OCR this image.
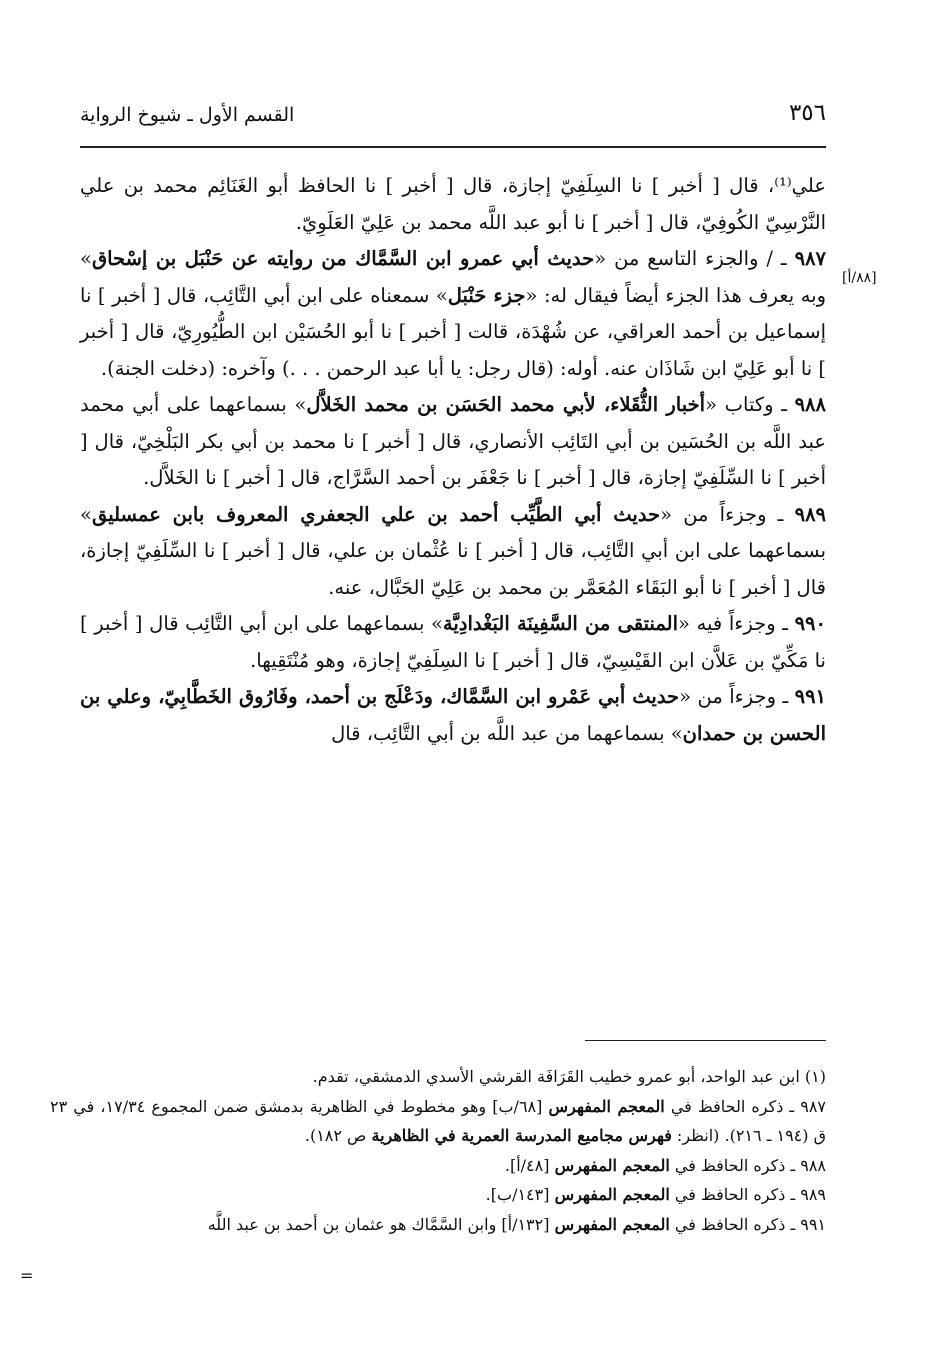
٣٥٦
القسم الأول ـ شيوخ الرواية
[٨٨/أ]

علي⁽¹⁾، قال [ أخبر ] نا السِلَفِيّ إجازة، قال [ أخبر ] نا الحافظ أبو الغَنَائِم محمد بن علي النَّرْسِيّ الكُوفِيّ، قال [ أخبر ] نا أبو عبد اللَّه محمد بن عَلِيّ العَلَوِيّ.

٩٨٧ ـ / والجزء التاسع من «حديث أبي عمرو ابن السَّمَّاك من روايته عن حَنْبَل بن إسْحاق» وبه يعرف هذا الجزء أيضاً فيقال له: «جزء حَنْبَل» سمعناه على ابن أبي التَّائِب، قال [ أخبر ] نا إسماعيل بن أحمد العراقي، عن شُهْدَة، قالت [ أخبر ] نا أبو الحُسَيْن ابن الطُّيُورِيّ، قال [ أخبر ] نا أبو عَلِيّ ابن شَاذَان عنه. أوله: (قال رجل: يا أبا عبد الرحمن . . .) وآخره: (دخلت الجنة).

٩٨٨ ـ وكتاب «أخبار الثُّقَلاء، لأبي محمد الحَسَن بن محمد الخَلاَّل» بسماعهما على أبي محمد عبد اللَّه بن الحُسَين بن أبي التَائِب الأنصاري، قال [ أخبر ] نا محمد بن أبي بكر البَلْخِيّ، قال [ أخبر ] نا السِّلَفِيّ إجازة، قال [ أخبر ] نا جَعْفَر بن أحمد السَّرَّاج، قال [ أخبر ] نا الخَلاَّل.

٩٨٩ ـ وجزءاً من «حديث أبي الطَّيِّب أحمد بن علي الجعفري المعروف بابن عمسليق» بسماعهما على ابن أبي التَّائِب، قال [ أخبر ] نا عُثْمان بن علي، قال [ أخبر ] نا السِّلَفِيّ إجازة، قال [ أخبر ] نا أبو البَقَاء المُعَمَّر بن محمد بن عَلِيّ الحَبَّال، عنه.

٩٩٠ ـ وجزءاً فيه «المنتقى من السَّفِينَة البَغْدادِيَّة» بسماعهما على ابن أبي التَّائِب قال [ أخبر ] نا مَكِّيّ بن عَلاَّن ابن القَيْسِيّ، قال [ أخبر ] نا السِلَفِيّ إجازة، وهو مُنْتَقِيها.

٩٩١ ـ وجزءاً من «حديث أبي عَمْرو ابن السَّمَّاك، ودَعْلَج بن أحمد، وفَارُوق الخَطَّابِيّ، وعلي بن الحسن بن حمدان» بسماعهما من عبد اللَّه بن أبي التَّائِب، قال

(١) ابن عبد الواحد، أبو عمرو خطيب القَرَافَة القرشي الأسدي الدمشقي، تقدم.

٩٨٧ ـ ذكره الحافظ في المعجم المفهرس [٦٨/ب] وهو مخطوط في الظاهرية بدمشق ضمن المجموع ١٧/٣٤، في ٢٣ ق (١٩٤ ـ ٢١٦). (انظر: فهرس مجاميع المدرسة العمرية في الظاهرية ص ١٨٢).

٩٨٨ ـ ذكره الحافظ في المعجم المفهرس [٤٨/أ].

٩٨٩ ـ ذكره الحافظ في المعجم المفهرس [١٤٣/ب].

٩٩١ ـ ذكره الحافظ في المعجم المفهرس [١٣٢/أ] وابن السَّمَّاك هو عثمان بن أحمد بن عبد اللَّه

=
